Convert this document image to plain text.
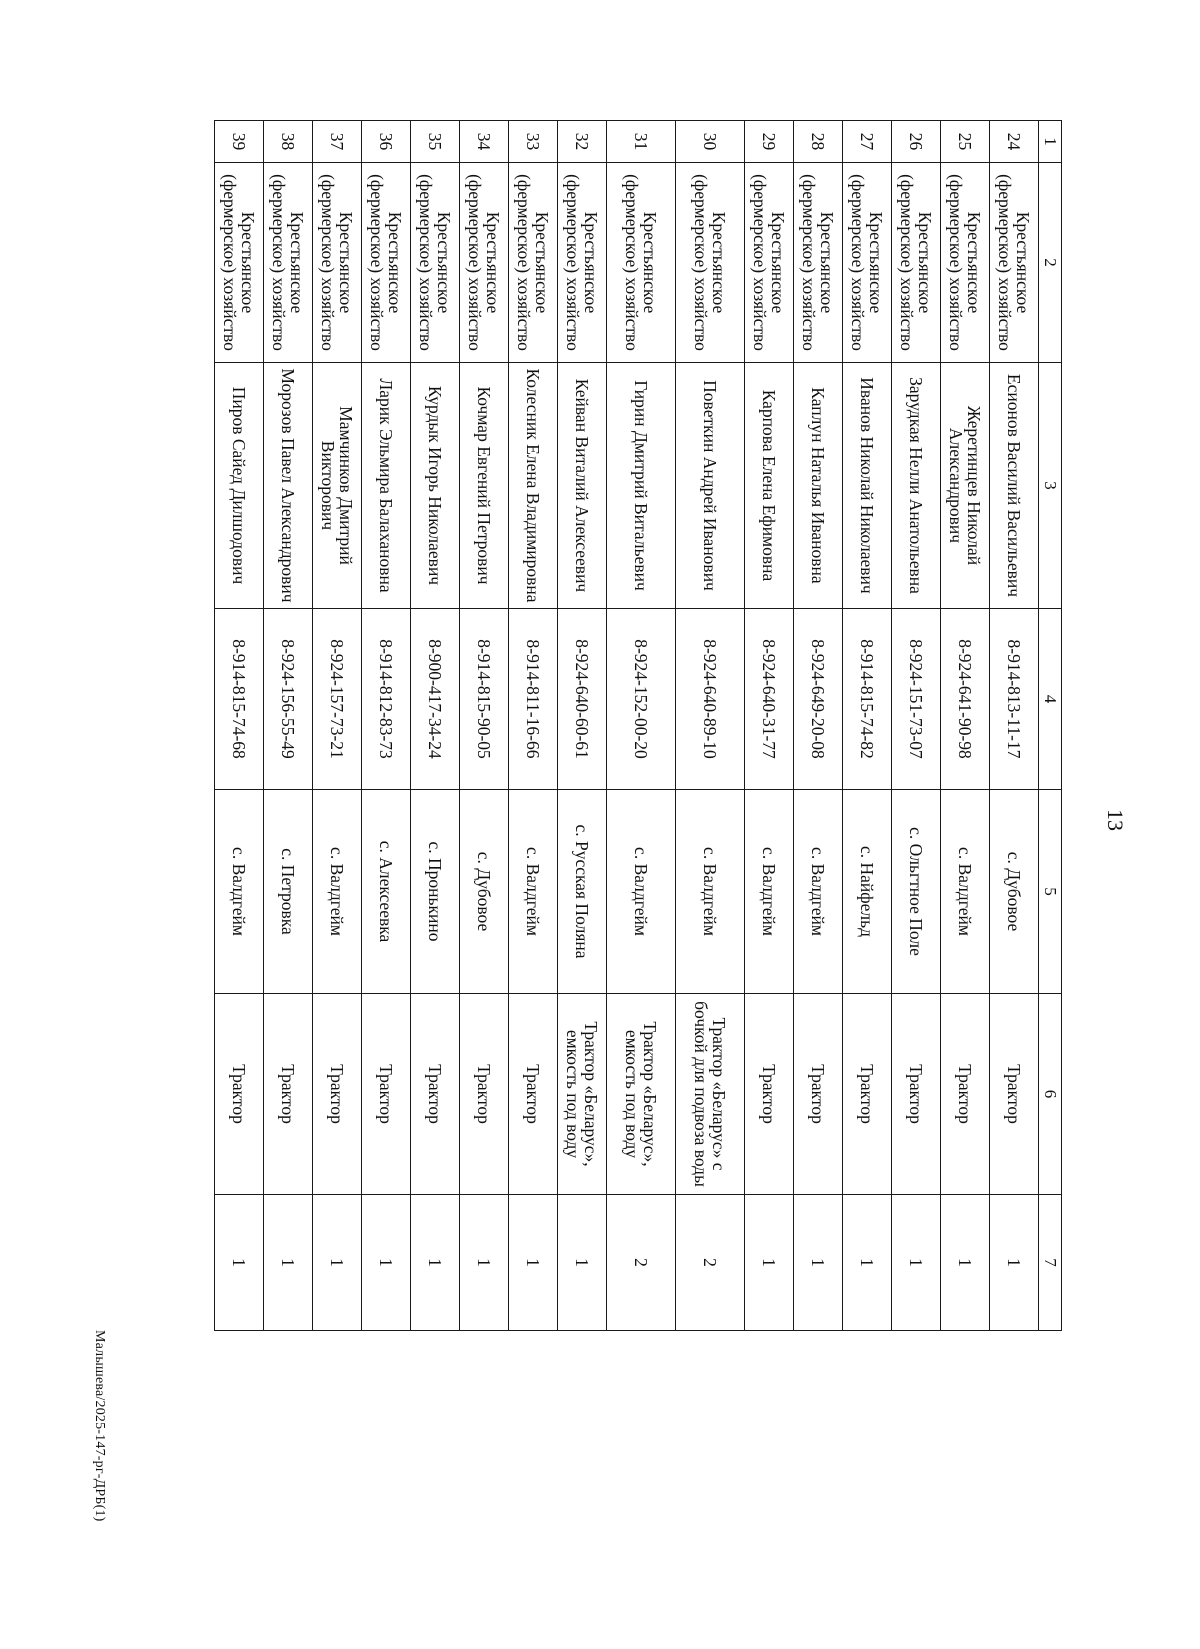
13
1	2	3	4	5	6	7
24	Крестьянское (фермерское) хозяйство	Есионов Василий Васильевич	8-914-813-11-17	с. Дубовое	Трактор	1
25	Крестьянское (фермерское) хозяйство	Жеретинцев Николай Александрович	8-924-641-90-98	с. Валдгейм	Трактор	1
26	Крестьянское (фермерское) хозяйство	Зарудкая Нелли Анатольевна	8-924-151-73-07	с. Ольгтное Поле	Трактор	1
27	Крестьянское (фермерское) хозяйство	Иванов Николай Николаевич	8-914-815-74-82	с. Найфельд	Трактор	1
28	Крестьянское (фермерское) хозяйство	Каплун Наталья Ивановна	8-924-649-20-08	с. Валдгейм	Трактор	1
29	Крестьянское (фермерское) хозяйство	Карпова Елена Ефимовна	8-924-640-31-77	с. Валдгейм	Трактор	1
30	Крестьянское (фермерское) хозяйство	Поветкин Андрей Иванович	8-924-640-89-10	с. Валдгейм	Трактор «Беларус» с бочкой для подвоза воды	2
31	Крестьянское (фермерское) хозяйство	Гирин Дмитрий Витальевич	8-924-152-00-20	с. Валдгейм	Трактор «Беларус», емкость под воду	2
32	Крестьянское (фермерское) хозяйство	Кейван Виталий Алексеевич	8-924-640-60-61	с. Русская Поляна	Трактор «Беларус», емкость под воду	1
33	Крестьянское (фермерское) хозяйство	Колесник Елена Владимировна	8-914-811-16-66	с. Валдгейм	Трактор	1
34	Крестьянское (фермерское) хозяйство	Кочмар Евгений Петрович	8-914-815-90-05	с. Дубовое	Трактор	1
35	Крестьянское (фермерское) хозяйство	Курдык Игорь Николаевич	8-900-417-34-24	с. Пронькино	Трактор	1
36	Крестьянское (фермерское) хозяйство	Ларик Эльмира Балахановна	8-914-812-83-73	с. Алексеевка	Трактор	1
37	Крестьянское (фермерское) хозяйство	Мамчинков Дмитрий Викторович	8-924-157-73-21	с. Валдгейм	Трактор	1
38	Крестьянское (фермерское) хозяйство	Морозов Павел Александрович	8-924-156-55-49	с. Петровка	Трактор	1
39	Крестьянское (фермерское) хозяйство	Пиров Сайед Дилшодович	8-914-815-74-68	с. Валдгейм	Трактор	1
Малышева/2025-147-рг-ДРБ(1)
